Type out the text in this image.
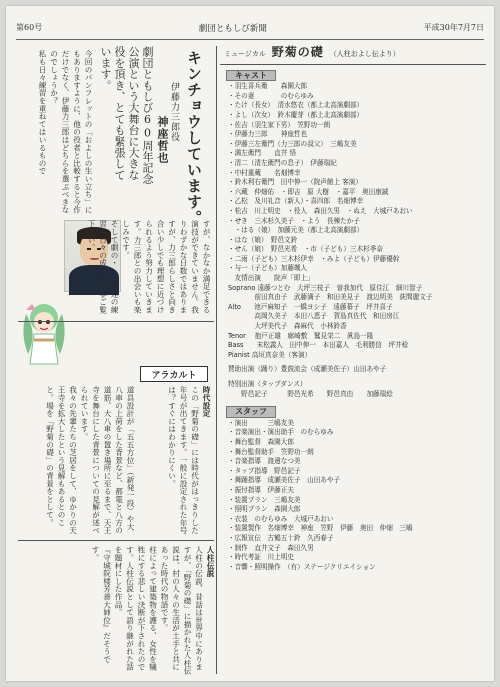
第60号	劇団ともしび新聞	平成30年7月7日
キンチョウしています。
伊藤力三郎役
神座哲也
劇団ともしび60周年記念
公演という大舞台に大きな
役を頂き、とても緊張して
います。

今回のパンフレットの「およしの生い立ち」にもありますように、他の役者と比較すると今作だけでなく、伊藤力三郎はどちらを選ぶべきなのでしょうか？

私も日々練習を重ねてはいるもので

すが、なかなか満足できる演技ができていません。我りわずかな日数ではありますが、力三郎らしさと向き合い少しでも理想に近づけられるよう努力していきます。力三郎との出会いも楽しみです。

そして劇の・・・私達の練習の日々の成果を是非ご覧下さい。

アラカルト

時代設定

この「野菊の礎」には時代がはっきりした年号が出てきます。一般に設定された年号は？すぐにはわかりにくい。

道具設計が「五五方位」（新発一段）や大八車の上荷をした背景など、都電と八方の道筋、大八車の置き場所に至るまで、天王寺を舞台にした背景についての見解が述べられています。

我々の先輩たちの芝居をして、ゆかりの天王寺を拡大したという見解もあるとのこと。場を「野菊の礎」の背景をとして。

人柱伝説

人柱の伝説、昔話は世界中にありますが、「野菊の礎」に描かれた人柱伝説は、村の人々の生活が土手と共にあった時代の物語です。

柱によって建築物を護る、女性を犠牲にする悲しい決断が下されたのです。人柱伝説として語り継がれた話を題材にした作品。

『守城院楼芳善大姉位』だそうです。

ミュージカル 野菊の礎 （人柱およし伝より）
キャスト
・羽生喜兵衛　　森園大郎
・その妻　　　　のむらゆみ
・たけ（長女）　清水悠衣（都上北高演劇部）
・よし（次女）　鈴木慶芽（都上北高演劇部）
・佐吉（羽生家下男）　笠野功一朗
・伊藤力三郎　　神座哲也
・伊藤三左衛門（力三郎の叔父）　三嶋友美
・満左衛門　　直井 悟
・清二（清左衛門の息子）　伊藤瑞紀
・中村重蔵　　名畑博幸
・鈴木利右衛門　田中伸一（院声館上 客演）
・六蔵　仲畑佑　・即吉　原 大樹　・嘉平　奥田康誠
・乙松　及川礼音（新人）・喜四郎　名畑博幸
・松吉　川上明史　・役人　森田久男　・ぬえ　大城戸あおい
・せき　三木杉久美子　・よう　長棟たか子
　・はる（娘）　加藤元美（都上北高演劇部）
・はな（娘）　野邑文鈴
・せん（娘）　野邑光希　・市（子ども）三木杉季奈
・二雨（子ども）三木杉伊幸　・みよ（子ども）伊藤優幹
・与一（子ども）加藤颯人
　友情出演　　院声「即上」
Soprano 遠藤つとむ　大坪三枝子　曽我加代　原住江　細川智子
　　　　前田真由子　武藤満子　和田美見子　渡辺明美　荻間麗文子
Alto　　池戸麻知子　一橋ヨシ子　遠藤幕子　坪井喜子
　　　　高岡久美子　本田八恵子　賀島真佐代　和田房江
　　　　大坪美代子　森麻代　小林鈴香
Tenor　 抱戸正雄　廊崎敷　鷲見栄二　眞島一隆
Bass　　末松義人　田中伸一　本田嘉人　毛利勝信　坪井稔
Pianist 高垣真奈美（客演）
賛助出演（踊り）豊鼓流会（成瀬美佐子）山田あや子
特別出演（タップダンス）
　　野邑記子　　　野邑光希　　野邑真由　　加藤瑞絵
スタッフ
・演出　　　三嶋友美
・音楽演出・演出助手　のむらゆみ
・舞台監督　森園大郎
・舞台監督助手　笠野功一朗
・音楽指導　渡邊なつ美
・タップ指導　野邑記子
・舞踊指導　成瀬美佐子　山田あや子
・振付指導　伊藤正夫
・装置プラン　三嶋友美
・照明プラン　森園大郎
・衣装　のむらゆみ　大城戸あおい
・装置製作　名畑博幸　神座　笠野　伊藤　奥田　仲畑　三嶋
・広報宣伝　古鶴五十鈴　久西春子
・制作　直井文子　森田久男
・時代考証　川上明史
・音響・照明操作　（有）ステージクリエイション
